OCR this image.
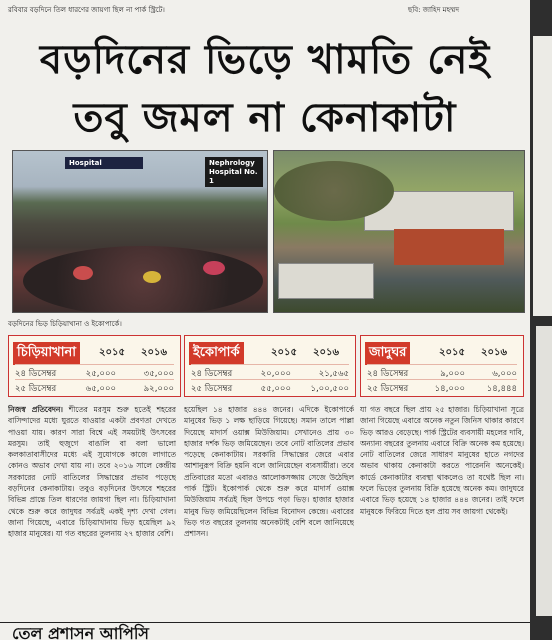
রবিবার বড়দিনে তিল ধারণের জায়গা ছিল না পার্ক স্ট্রিটে।	ছবি: জাহিদ মহম্মদ
বড়দিনের ভিড়ে খামতি নেই
তবু জমল না কেনাকাটা
Hospital	Nephrology Hospital No. 1
বড়দিনের ভিড় চিড়িয়াখানা ও ইকোপার্কে।
চিড়িয়াখানা	২০১৫ ২০১৬
২৪ ডিসেম্বর	২৫,০০০	৩৫,০০০
২৫ ডিসেম্বর	৬৫,০০০	৯২,০০০
ইকোপার্ক	২০১৫ ২০১৬
২৪ ডিসেম্বর	২০,০০০	২১,৫৬৫
২৫ ডিসেম্বর	৫৫,০০০ ১,০০,৫০০
জাদুঘর	২০১৫ ২০১৬
২৪ ডিসেম্বর	৯,০০০	৬,০০০
২৫ ডিসেম্বর	১৪,০০০	১৪,৪৪৪
নিজস্ব প্রতিবেদন। শীতের মরসুম শুরু হতেই শহরের বাসিন্দাদের মধ্যে ঘুরতে যাওয়ার একটা প্রবণতা দেখতে পাওয়া যায়। কারণ সারা বিশ্বে এই সময়টাই উৎসবের মরসুম। তাই হুজুগে বাঙালি বা বলা ভালো কলকাতাবাসীদের মধ্যে এই সুযোগকে কাজে লাগাতে কোনও অভাব দেখা যায় না। তবে ২০১৬ সালে কেন্দ্রীয় সরকারের নোট বাতিলের সিদ্ধান্তের প্রভাব পড়েছে বড়দিনের কেনাকাটায়। তবুও বড়দিনের উৎসবে শহরের বিভিন্ন প্রান্তে তিল ধারণের জায়গা ছিল না। চিড়িয়াখানা থেকে শুরু করে জাদুঘর সর্বত্রই একই দৃশ্য দেখা গেল। জানা গিয়েছে, এবারে চিড়িয়াখানায় ভিড় হয়েছিল ৯২ হাজার মানুষের। যা গত বছরের তুলনায় ২৭ হাজার বেশি।
হয়েছিল ১৪ হাজার ৪৪৪ জনের। এদিকে ইকোপার্কে মানুষের ভিড় ১ লক্ষ ছাড়িয়ে গিয়েছে। সমান তালে পাল্লা দিয়েছে মাদার্স ওয়াক্স মিউজিয়াম। সেখানেও প্রায় ৩০ হাজার দর্শক ভিড় জমিয়েছেন। তবে নোট বাতিলের প্রভাব পড়েছে কেনাকাটায়। সরকারি সিদ্ধান্তের জেরে এবার আশানুরূপ বিক্রি হয়নি বলে জানিয়েছেন ব্যবসায়ীরা। তবে প্রতিবারের মতো এবারও আলোকসজ্জায় সেজে উঠেছিল পার্ক স্ট্রিট। ইকোপার্ক থেকে শুরু করে মাদার্স ওয়াক্স মিউজিয়াম সর্বত্রই ছিল উপচে পড়া ভিড়। হাজার হাজার মানুষ ভিড় জমিয়েছিলেন বিভিন্ন বিনোদন কেন্দ্রে। এবারের ভিড় গত বছরের তুলনায় অনেকটাই বেশি বলে জানিয়েছে প্রশাসন।
যা গত বছরে ছিল প্রায় ২৫ হাজার। চিড়িয়াখানা সূত্রে জানা গিয়েছে এবারে অনেক নতুন জিনিস থাকার কারণে ভিড় আরও বেড়েছে। পার্ক স্ট্রিটের ব্যবসায়ী মহলের দাবি, অন্যান্য বছরের তুলনায় এবারে বিক্রি অনেক কম হয়েছে। নোট বাতিলের জেরে সাধারণ মানুষের হাতে নগদের অভাব থাকায় কেনাকাটা করতে পারেননি অনেকেই। কার্ডে কেনাকাটার ব্যবস্থা থাকলেও তা যথেষ্ট ছিল না। ফলে ভিড়ের তুলনায় বিক্রি হয়েছে অনেক কম। জাদুঘরে এবারে ভিড় হয়েছে ১৪ হাজার ৪৪৪ জনের। তাই ফলে মানুষকে ফিরিয়ে দিতে হল প্রায় সব জায়গা থেকেই।
তেল প্রশাসন আপিসি
